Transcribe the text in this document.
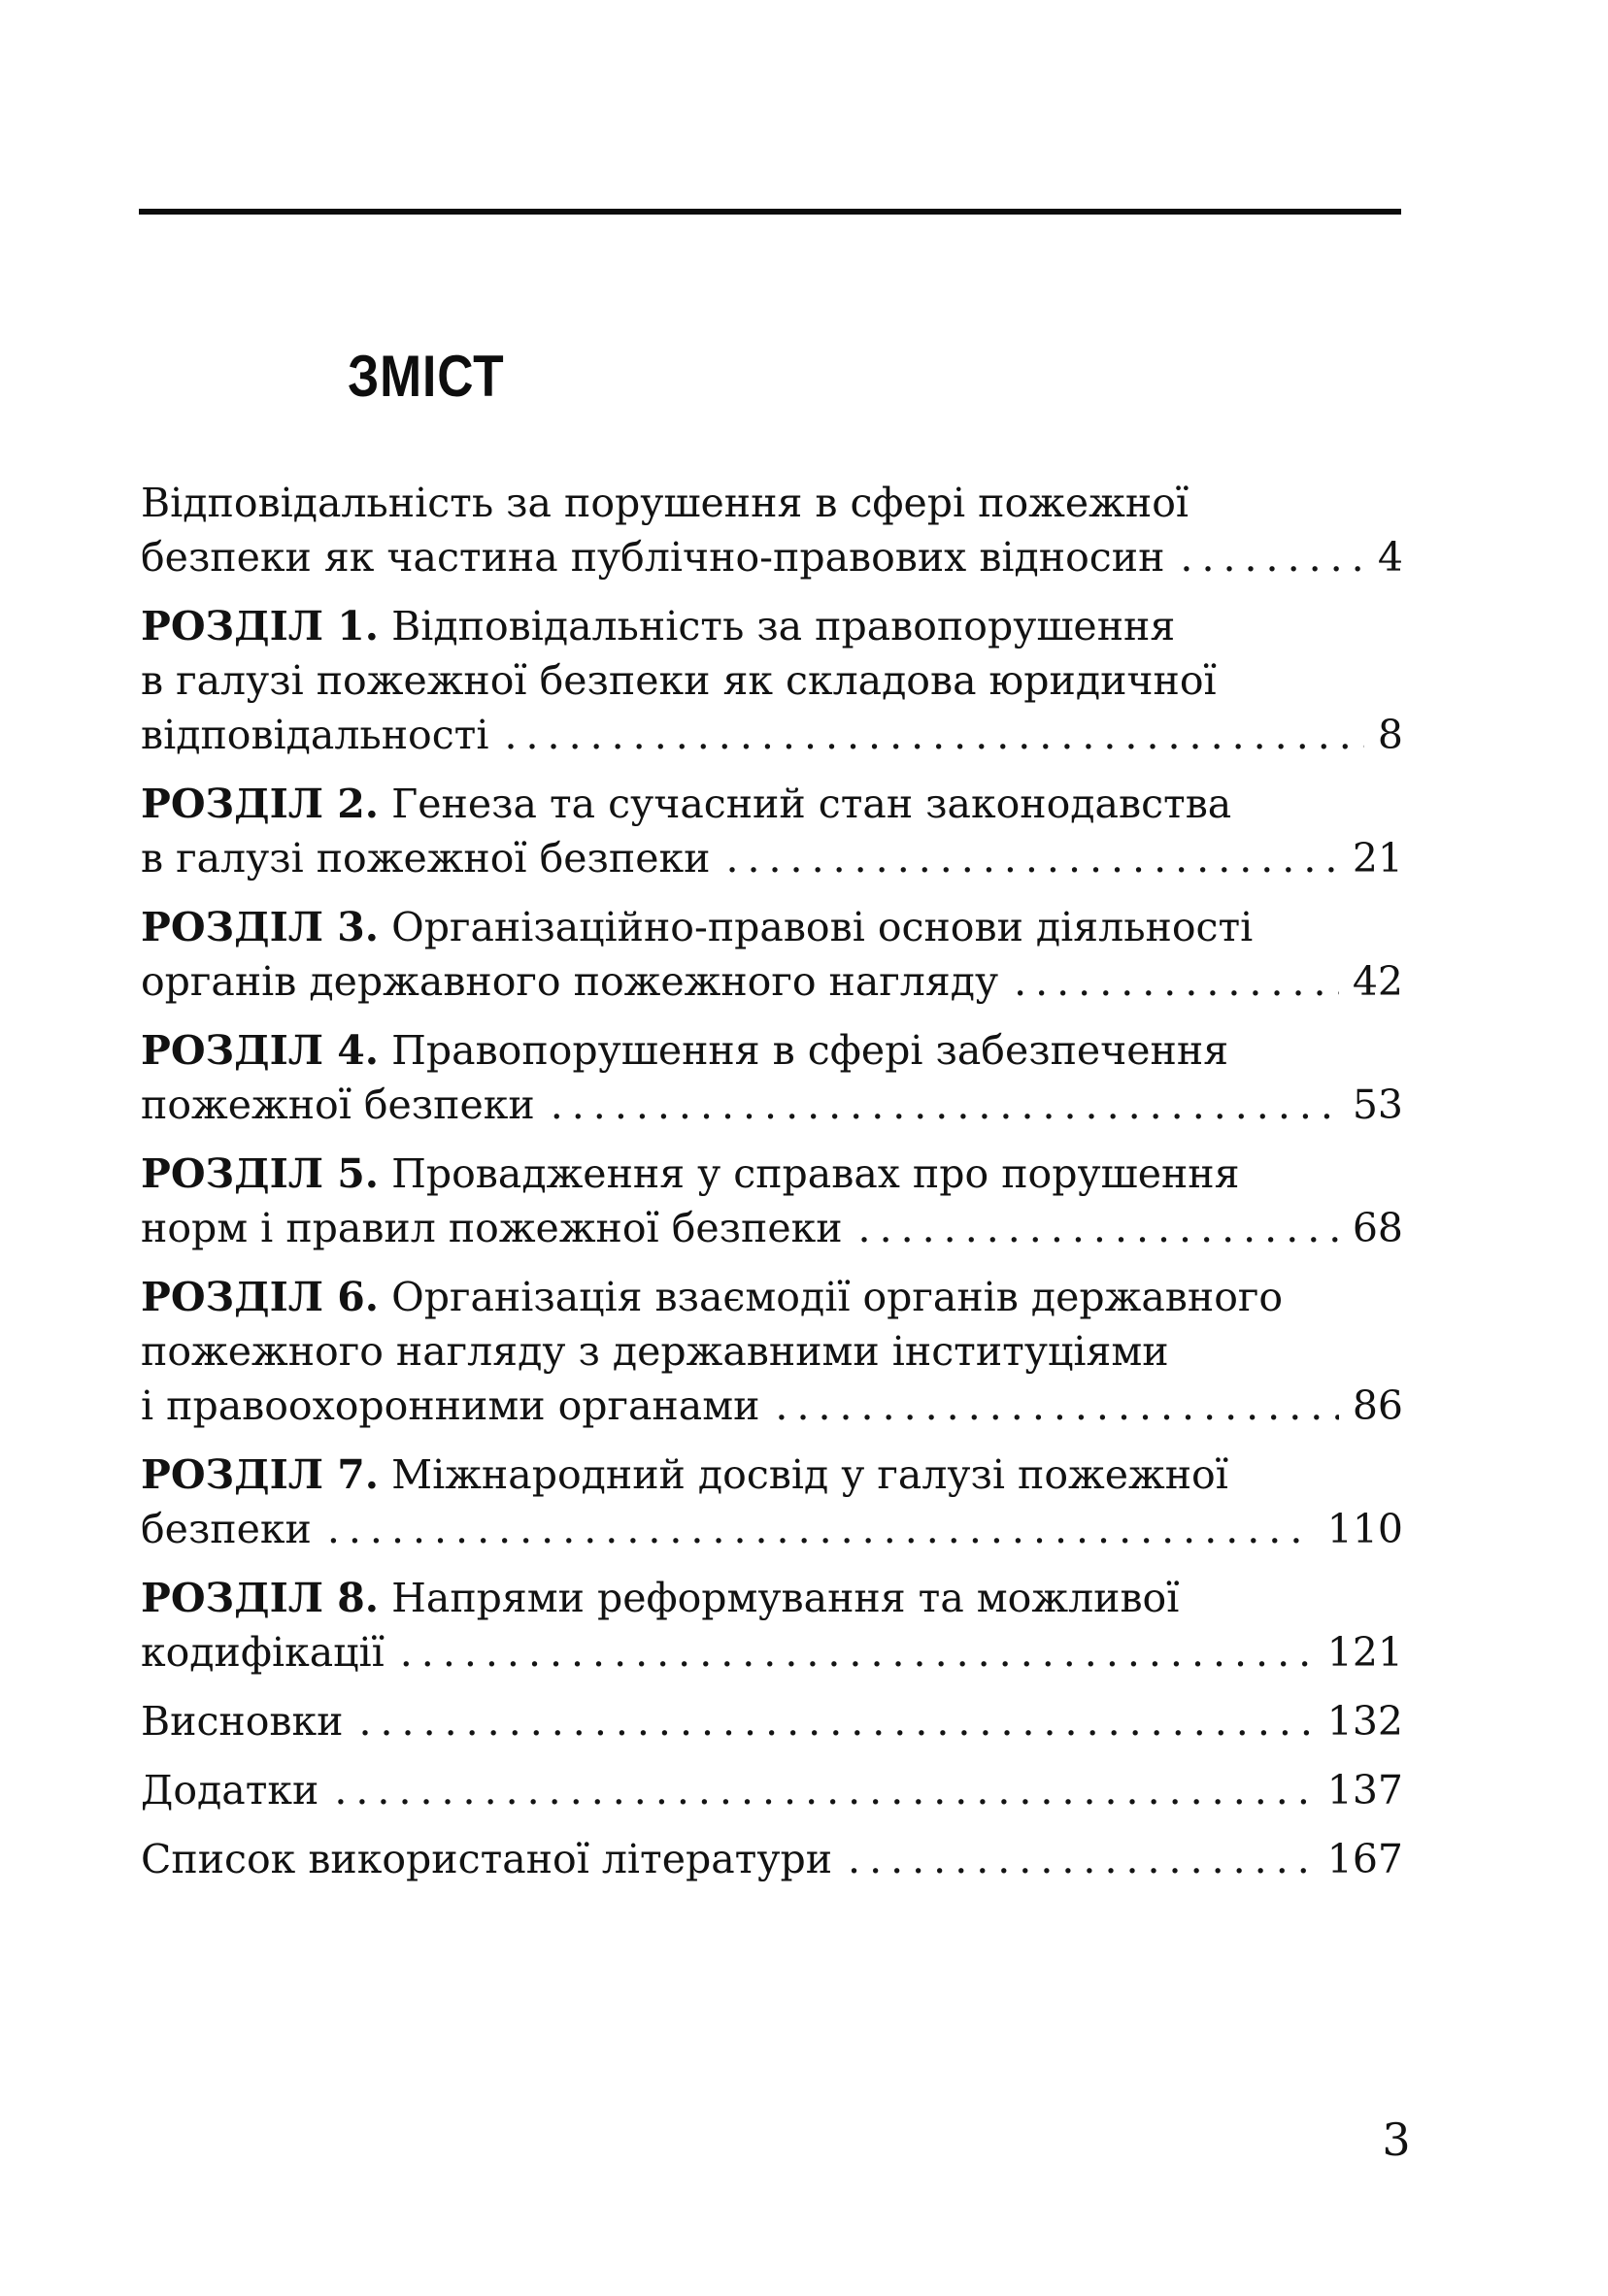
ЗМІСТ
Відповідальність за порушення в сфері пожежної
безпеки як частина публічно-правових відносин .....	4
РОЗДІЛ 1. Відповідальність за правопорушення
в галузі пожежної безпеки як складова юридичної
відповідальності .....	8
РОЗДІЛ 2. Генеза та сучасний стан законодавства
в галузі пожежної безпеки .....	21
РОЗДІЛ 3. Організаційно-правові основи діяльності
органів державного пожежного нагляду .....	42
РОЗДІЛ 4. Правопорушення в сфері забезпечення
пожежної безпеки .....	53
РОЗДІЛ 5. Провадження у справах про порушення
норм і правил пожежної безпеки .....	68
РОЗДІЛ 6. Організація взаємодії органів державного
пожежного нагляду з державними інституціями
і правоохоронними органами .....	86
РОЗДІЛ 7. Міжнародний досвід у галузі пожежної
безпеки .....	110
РОЗДІЛ 8. Напрями реформування та можливої
кодифікації .....	121
Висновки .....	132
Додатки .....	137
Список використаної літератури .....	167
3
